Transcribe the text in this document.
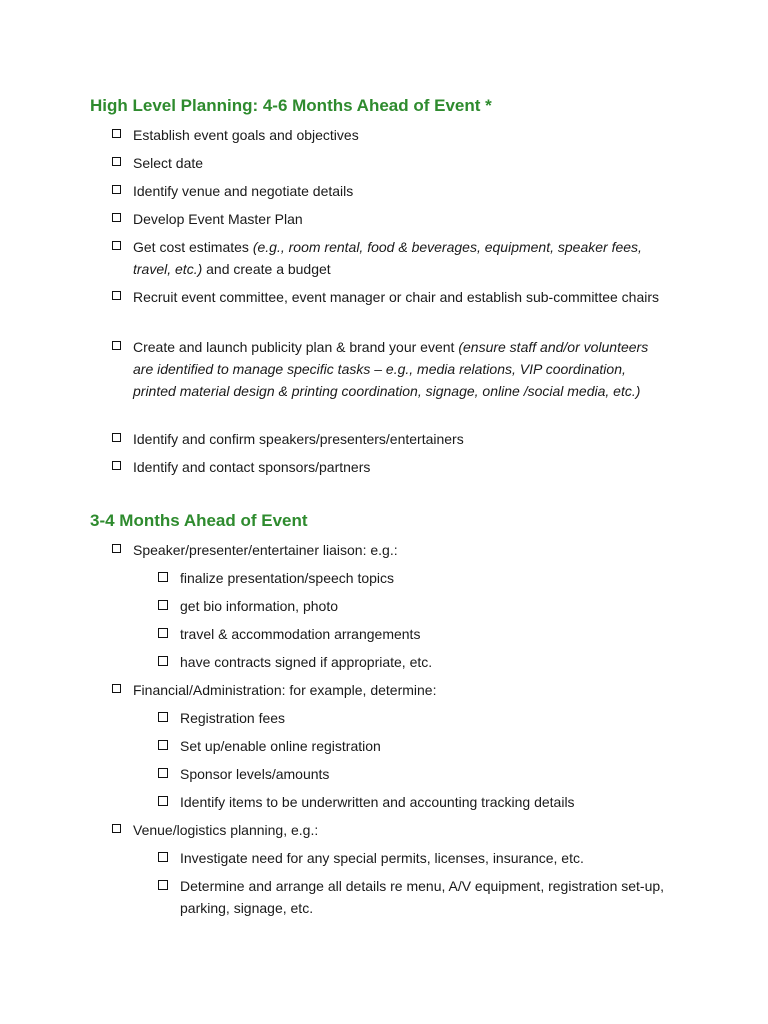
High Level Planning: 4-6 Months Ahead of Event *
Establish event goals and objectives
Select date
Identify venue and negotiate details
Develop Event Master Plan
Get cost estimates (e.g., room rental, food & beverages, equipment, speaker fees, travel, etc.) and create a budget
Recruit event committee, event manager or chair and establish sub-committee chairs
Create and launch publicity plan & brand your event (ensure staff and/or volunteers are identified to manage specific tasks – e.g., media relations, VIP coordination, printed material design & printing coordination, signage, online /social media, etc.)
Identify and confirm speakers/presenters/entertainers
Identify and contact sponsors/partners
3-4 Months Ahead of Event
Speaker/presenter/entertainer liaison: e.g.:
finalize presentation/speech topics
get bio information, photo
travel & accommodation arrangements
have contracts signed if appropriate, etc.
Financial/Administration: for example, determine:
Registration fees
Set up/enable online registration
Sponsor levels/amounts
Identify items to be underwritten and accounting tracking details
Venue/logistics planning, e.g.:
Investigate need for any special permits, licenses, insurance, etc.
Determine and arrange all details re menu, A/V equipment, registration set-up, parking, signage, etc.
